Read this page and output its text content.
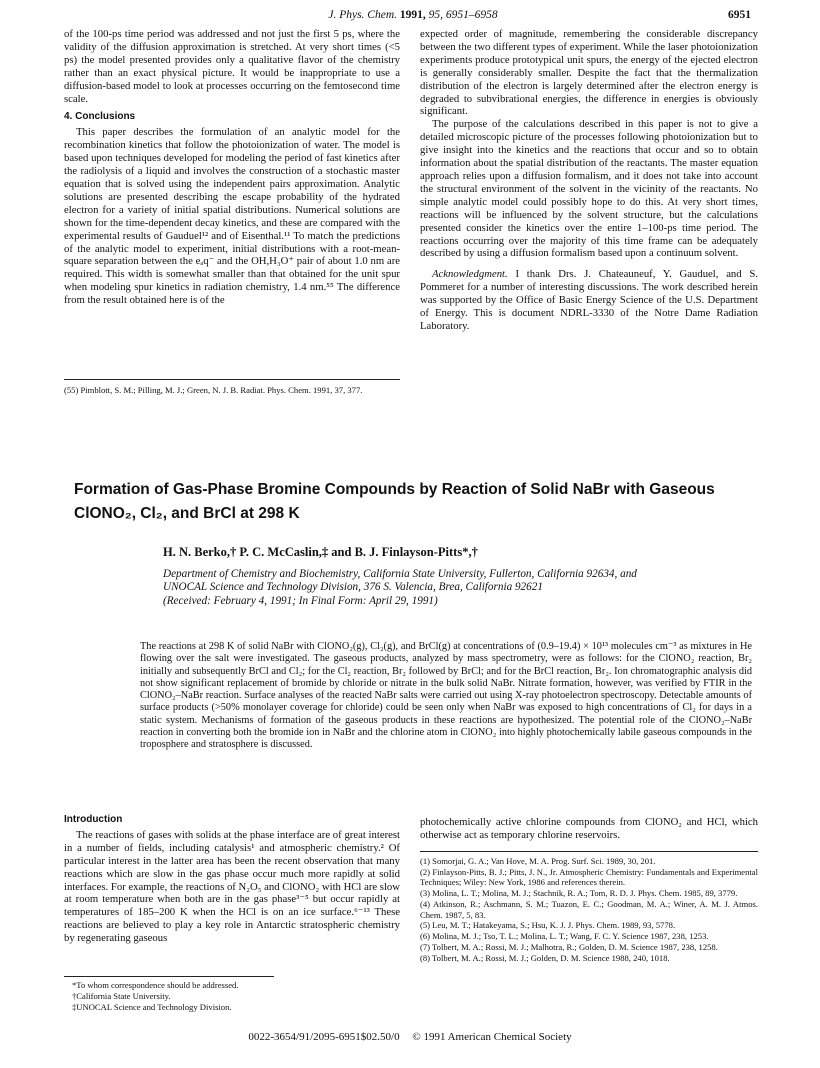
J. Phys. Chem. 1991, 95, 6951–6958	6951

of the 100-ps time period was addressed and not just the first 5 ps, where the validity of the diffusion approximation is stretched. At very short times (<5 ps) the model presented provides only a qualitative flavor of the chemistry rather than an exact physical picture. It would be inappropriate to use a diffusion-based model to look at processes occurring on the femtosecond time scale.

4. Conclusions

This paper describes the formulation of an analytic model for the recombination kinetics that follow the photoionization of water. The model is based upon techniques developed for modeling the period of fast kinetics after the radiolysis of a liquid and involves the construction of a stochastic master equation that is solved using the independent pairs approximation. Analytic solutions are presented describing the escape probability of the hydrated electron for a variety of initial spatial distributions. Numerical solutions are shown for the time-dependent decay kinetics, and these are compared with the experimental results of Gauduel¹² and of Eisenthal.¹¹ To match the predictions of the analytic model to experiment, initial distributions with a root-mean-square separation between the eₐq⁻ and the OH,H₃O⁺ pair of about 1.0 nm are required. This width is somewhat smaller than that obtained for the unit spur when modeling spur kinetics in radiation chemistry, 1.4 nm.⁵⁵ The difference from the result obtained here is of the

(55) Pimblott, S. M.; Pilling, M. J.; Green, N. J. B. Radiat. Phys. Chem. 1991, 37, 377.

expected order of magnitude, remembering the considerable discrepancy between the two different types of experiment. While the laser photoionization experiments produce prototypical unit spurs, the energy of the ejected electron is generally considerably smaller. Despite the fact that the thermalization distribution of the electron is largely determined after the electron energy is degraded to subvibrational energies, the difference in energies is obviously significant.

The purpose of the calculations described in this paper is not to give a detailed microscopic picture of the processes following photoionization but to give insight into the kinetics and the reactions that occur and so to obtain information about the spatial distribution of the reactants. The master equation approach relies upon a diffusion formalism, and it does not take into account the structural environment of the solvent in the vicinity of the reactants. No simple analytic model could possibly hope to do this. At very short times, reactions will be influenced by the solvent structure, but the calculations presented consider the kinetics over the entire 1–100-ps time period. The reactions occurring over the majority of this time frame can be adequately described by using a diffusion formalism based upon a continuum solvent.

Acknowledgment. I thank Drs. J. Chateauneuf, Y. Gauduel, and S. Pommeret for a number of interesting discussions. The work described herein was supported by the Office of Basic Energy Science of the U.S. Department of Energy. This is document NDRL-3330 of the Notre Dame Radiation Laboratory.

Formation of Gas-Phase Bromine Compounds by Reaction of Solid NaBr with Gaseous
ClONO₂, Cl₂, and BrCl at 298 K
H. N. Berko,† P. C. McCaslin,‡ and B. J. Finlayson-Pitts*,†
Department of Chemistry and Biochemistry, California State University, Fullerton, California 92634, and
UNOCAL Science and Technology Division, 376 S. Valencia, Brea, California 92621
(Received: February 4, 1991; In Final Form: April 29, 1991)

The reactions at 298 K of solid NaBr with ClONO₂(g), Cl₂(g), and BrCl(g) at concentrations of (0.9–19.4) × 10¹³ molecules cm⁻³ as mixtures in He flowing over the salt were investigated. The gaseous products, analyzed by mass spectrometry, were as follows: for the ClONO₂ reaction, Br₂ initially and subsequently BrCl and Cl₂; for the Cl₂ reaction, Br₂ followed by BrCl; and for the BrCl reaction, Br₂. Ion chromatographic analysis did not show significant replacement of bromide by chloride or nitrate in the bulk solid NaBr. Nitrate formation, however, was verified by FTIR in the ClONO₂–NaBr reaction. Surface analyses of the reacted NaBr salts were carried out using X-ray photoelectron spectroscopy. Detectable amounts of surface products (>50% monolayer coverage for chloride) could be seen only when NaBr was exposed to high concentrations of Cl₂ for days in a static system. Mechanisms of formation of the gaseous products in these reactions are hypothesized. The potential role of the ClONO₂–NaBr reaction in converting both the bromide ion in NaBr and the chlorine atom in ClONO₂ into highly photochemically labile gaseous compounds in the troposphere and stratosphere is discussed.

Introduction

The reactions of gases with solids at the phase interface are of great interest in a number of fields, including catalysis¹ and atmospheric chemistry.² Of particular interest in the latter area has been the recent observation that many reactions which are slow in the gas phase occur much more rapidly at solid interfaces. For example, the reactions of N₂O₅ and ClONO₂ with HCl are slow at room temperature when both are in the gas phase³⁻⁵ but occur rapidly at temperatures of 185–200 K when the HCl is on an ice surface.⁶⁻¹³ These reactions are believed to play a key role in Antarctic stratospheric chemistry by regenerating gaseous

*To whom correspondence should be addressed.

†California State University.

‡UNOCAL Science and Technology Division.

photochemically active chlorine compounds from ClONO₂ and HCl, which otherwise act as temporary chlorine reservoirs.

(1) Somorjai, G. A.; Van Hove, M. A. Prog. Surf. Sci. 1989, 30, 201.

(2) Finlayson-Pitts, B. J.; Pitts, J. N., Jr. Atmospheric Chemistry: Fundamentals and Experimental Techniques; Wiley: New York, 1986 and references therein.

(3) Molina, L. T.; Molina, M. J.; Stachnik, R. A.; Tom, R. D. J. Phys. Chem. 1985, 89, 3779.

(4) Atkinson, R.; Aschmann, S. M.; Tuazon, E. C.; Goodman, M. A.; Winer, A. M. J. Atmos. Chem. 1987, 5, 83.

(5) Leu, M. T.; Hatakeyama, S.; Hsu, K. J. J. Phys. Chem. 1989, 93, 5778.

(6) Molina, M. J.; Tso, T. L.; Molina, L. T.; Wang, F. C. Y. Science 1987, 238, 1253.

(7) Tolbert, M. A.; Rossi, M. J.; Malhotra, R.; Golden, D. M. Science 1987, 238, 1258.

(8) Tolbert, M. A.; Rossi, M. J.; Golden, D. M. Science 1988, 240, 1018.

0022-3654/91/2095-6951$02.50/0 © 1991 American Chemical Society
